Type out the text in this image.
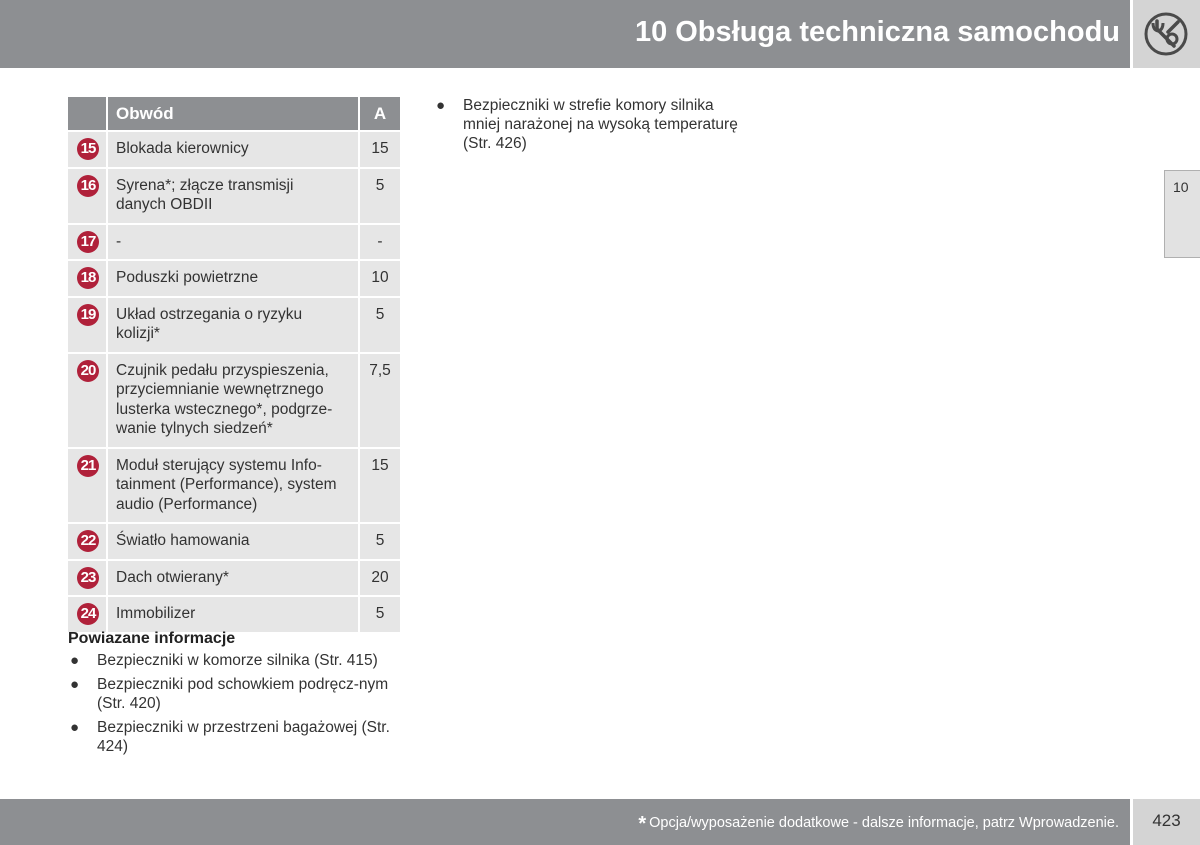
10 Obsługa techniczna samochodu
10
	Obwód	A
15	Blokada kierownicy	15
16	Syrena*; złącze transmisji danych OBDII	5
17	-	-
18	Poduszki powietrzne	10
19	Układ ostrzegania o ryzyku kolizji*	5
20	Czujnik pedału przyspieszenia, przyciemnianie wewnętrznego lusterka wstecznego*, podgrze-wanie tylnych siedzeń*	7,5
21	Moduł sterujący systemu Info-tainment (Performance), system audio (Performance)	15
22	Światło hamowania	5
23	Dach otwierany*	20
24	Immobilizer	5
Powiazane informacje
● Bezpieczniki w komorze silnika (Str. 415)
● Bezpieczniki pod schowkiem podręcz-nym (Str. 420)
● Bezpieczniki w przestrzeni bagażowej (Str. 424)
● Bezpieczniki w strefie komory silnika mniej narażonej na wysoką temperaturę (Str. 426)
* Opcja/wyposażenie dodatkowe - dalsze informacje, patrz Wprowadzenie.	423
